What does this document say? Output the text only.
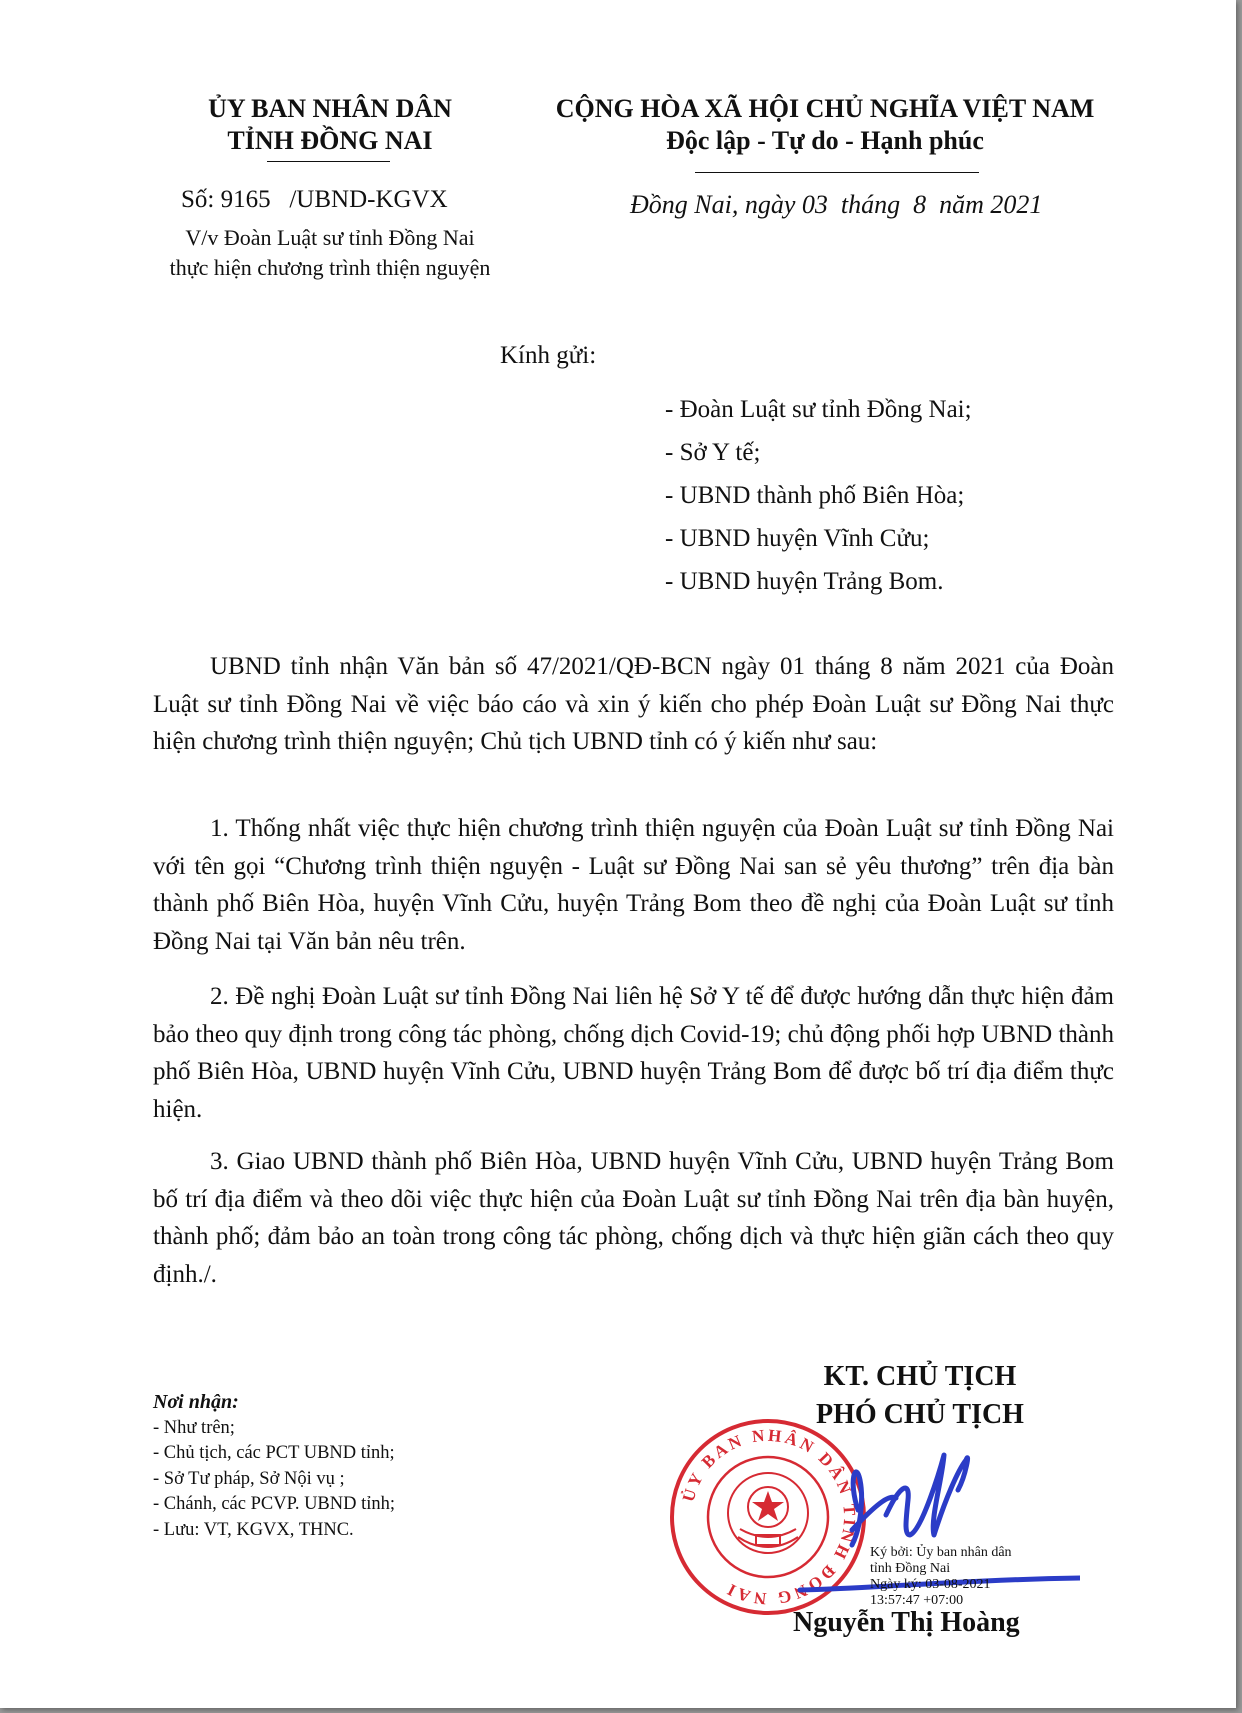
ỦY BAN NHÂN DÂN
TỈNH ĐỒNG NAI
CỘNG HÒA XÃ HỘI CHỦ NGHĨA VIỆT NAM
Độc lập - Tự do - Hạnh phúc
Số: 9165   /UBND-KGVX	Đồng Nai, ngày 03  tháng  8  năm 2021
V/v Đoàn Luật sư tỉnh Đồng Nai
thực hiện chương trình thiện nguyện
Kính gửi:
- Đoàn Luật sư tỉnh Đồng Nai;
- Sở Y tế;
- UBND thành phố Biên Hòa;
- UBND huyện Vĩnh Cửu;
- UBND huyện Trảng Bom.
UBND tỉnh nhận Văn bản số 47/2021/QĐ-BCN ngày 01 tháng 8 năm 2021 của Đoàn Luật sư tỉnh Đồng Nai về việc báo cáo và xin ý kiến cho phép Đoàn Luật sư Đồng Nai thực hiện chương trình thiện nguyện; Chủ tịch UBND tỉnh có ý kiến như sau:
1. Thống nhất việc thực hiện chương trình thiện nguyện của Đoàn Luật sư tỉnh Đồng Nai với tên gọi “Chương trình thiện nguyện - Luật sư Đồng Nai san sẻ yêu thương” trên địa bàn thành phố Biên Hòa, huyện Vĩnh Cửu, huyện Trảng Bom theo đề nghị của Đoàn Luật sư tỉnh Đồng Nai tại Văn bản nêu trên.
2. Đề nghị Đoàn Luật sư tỉnh Đồng Nai liên hệ Sở Y tế để được hướng dẫn thực hiện đảm bảo theo quy định trong công tác phòng, chống dịch Covid-19; chủ động phối hợp UBND thành phố Biên Hòa, UBND huyện Vĩnh Cửu, UBND huyện Trảng Bom để được bố trí địa điểm thực hiện.
3. Giao UBND thành phố Biên Hòa, UBND huyện Vĩnh Cửu, UBND huyện Trảng Bom bố trí địa điểm và theo dõi việc thực hiện của Đoàn Luật sư tỉnh Đồng Nai trên địa bàn huyện, thành phố; đảm bảo an toàn trong công tác phòng, chống dịch và thực hiện giãn cách theo quy định./.
KT. CHỦ TỊCH
PHÓ CHỦ TỊCH
Nơi nhận:
- Như trên;
- Chủ tịch, các PCT UBND tỉnh;
- Sở Tư pháp, Sở Nội vụ ;
- Chánh, các PCVP. UBND tỉnh;
- Lưu: VT, KGVX, THNC.
ỦY BAN NHÂN DÂN TỈNH ĐỒNG NAI
Ký bởi: Ủy ban nhân dân
tỉnh Đồng Nai
Ngày ký: 03-08-2021
13:57:47 +07:00
Nguyễn Thị Hoàng
